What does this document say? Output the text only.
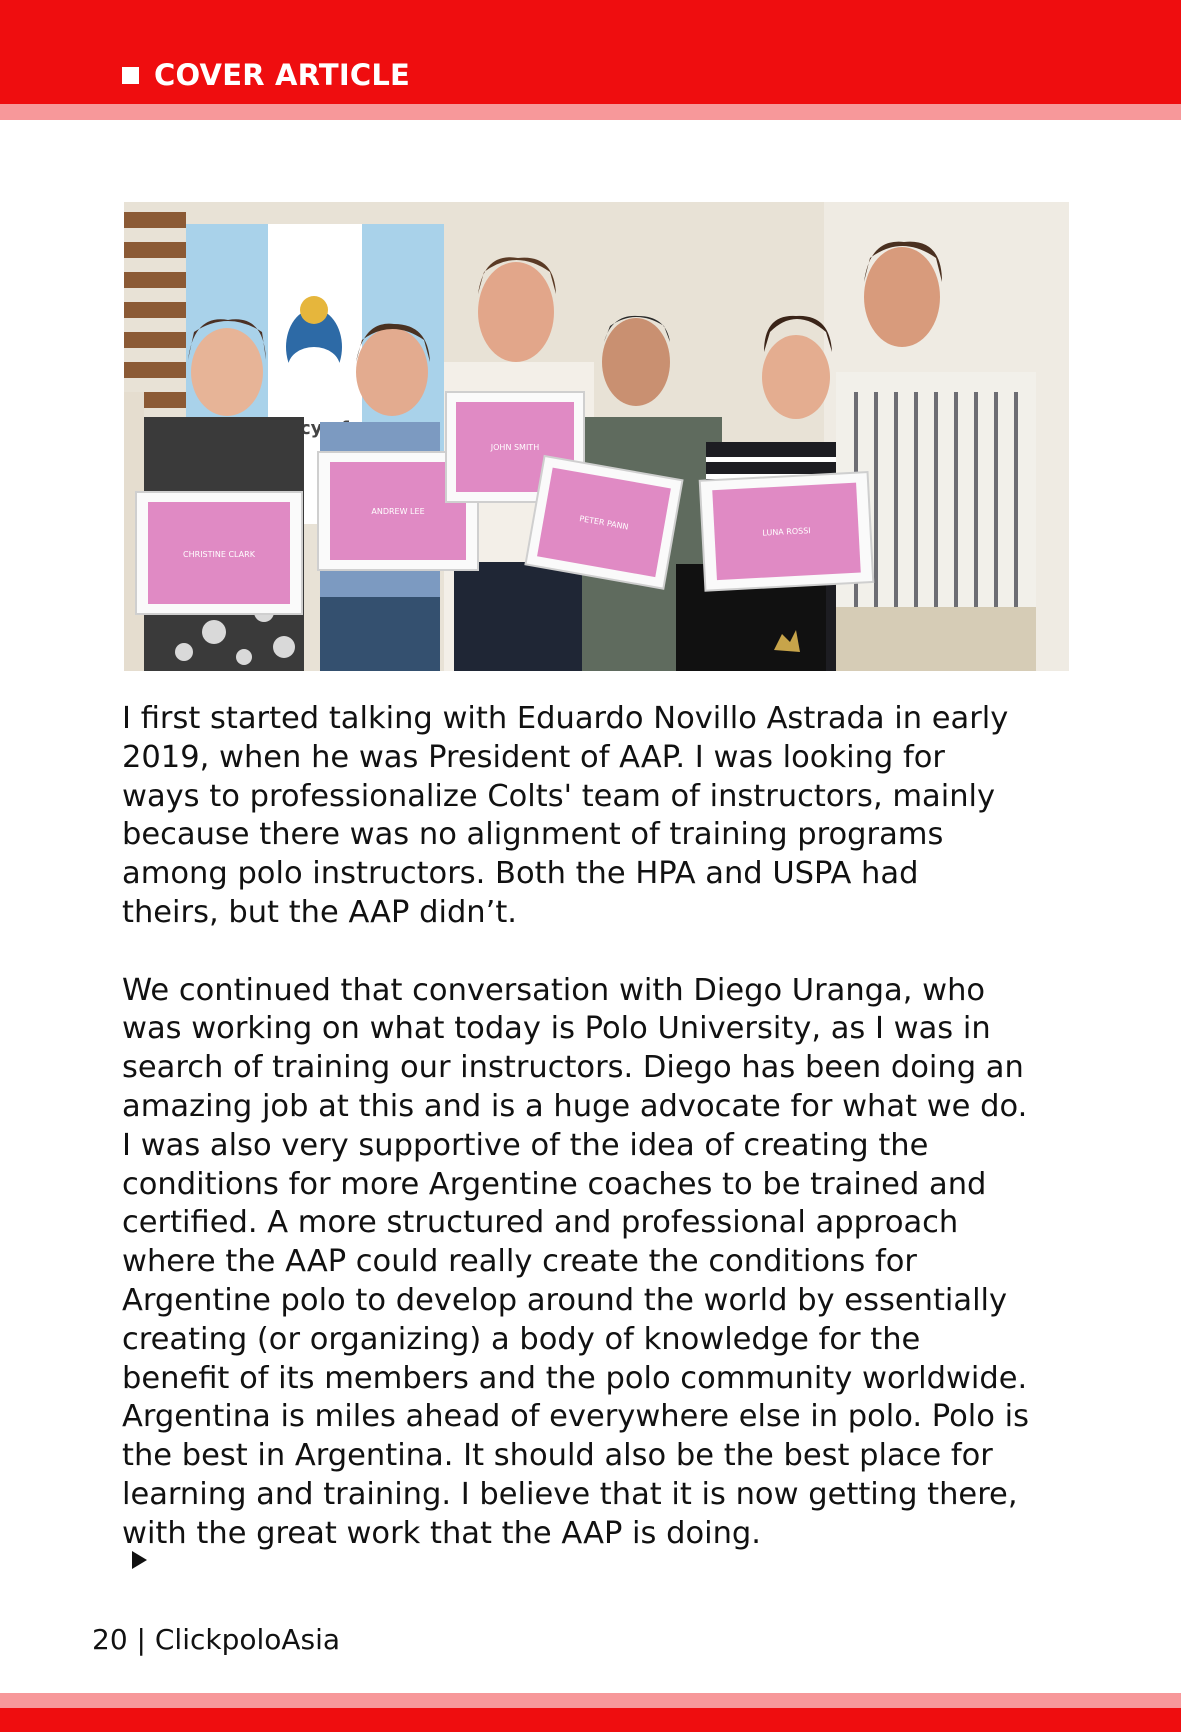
COVER ARTICLE
cy
CHRISTINE CLARK
ANDREW LEE
JOHN SMITH
PETER PANN
LUNA ROSSI

I first started talking with Eduardo Novillo Astrada in early
2019, when he was President of AAP. I was looking for
ways to professionalize Colts' team of instructors, mainly
because there was no alignment of training programs
among polo instructors. Both the HPA and USPA had
theirs, but the AAP didn’t.

We continued that conversation with Diego Uranga, who
was working on what today is Polo University, as I was in
search of training our instructors. Diego has been doing an
amazing job at this and is a huge advocate for what we do.
I was also very supportive of the idea of creating the
conditions for more Argentine coaches to be trained and
certified. A more structured and professional approach
where the AAP could really create the conditions for
Argentine polo to develop around the world by essentially
creating (or organizing) a body of knowledge for the
benefit of its members and the polo community worldwide.
Argentina is miles ahead of everywhere else in polo. Polo is
the best in Argentina. It should also be the best place for
learning and training. I believe that it is now getting there,
with the great work that the AAP is doing.

20 | ClickpoloAsia
